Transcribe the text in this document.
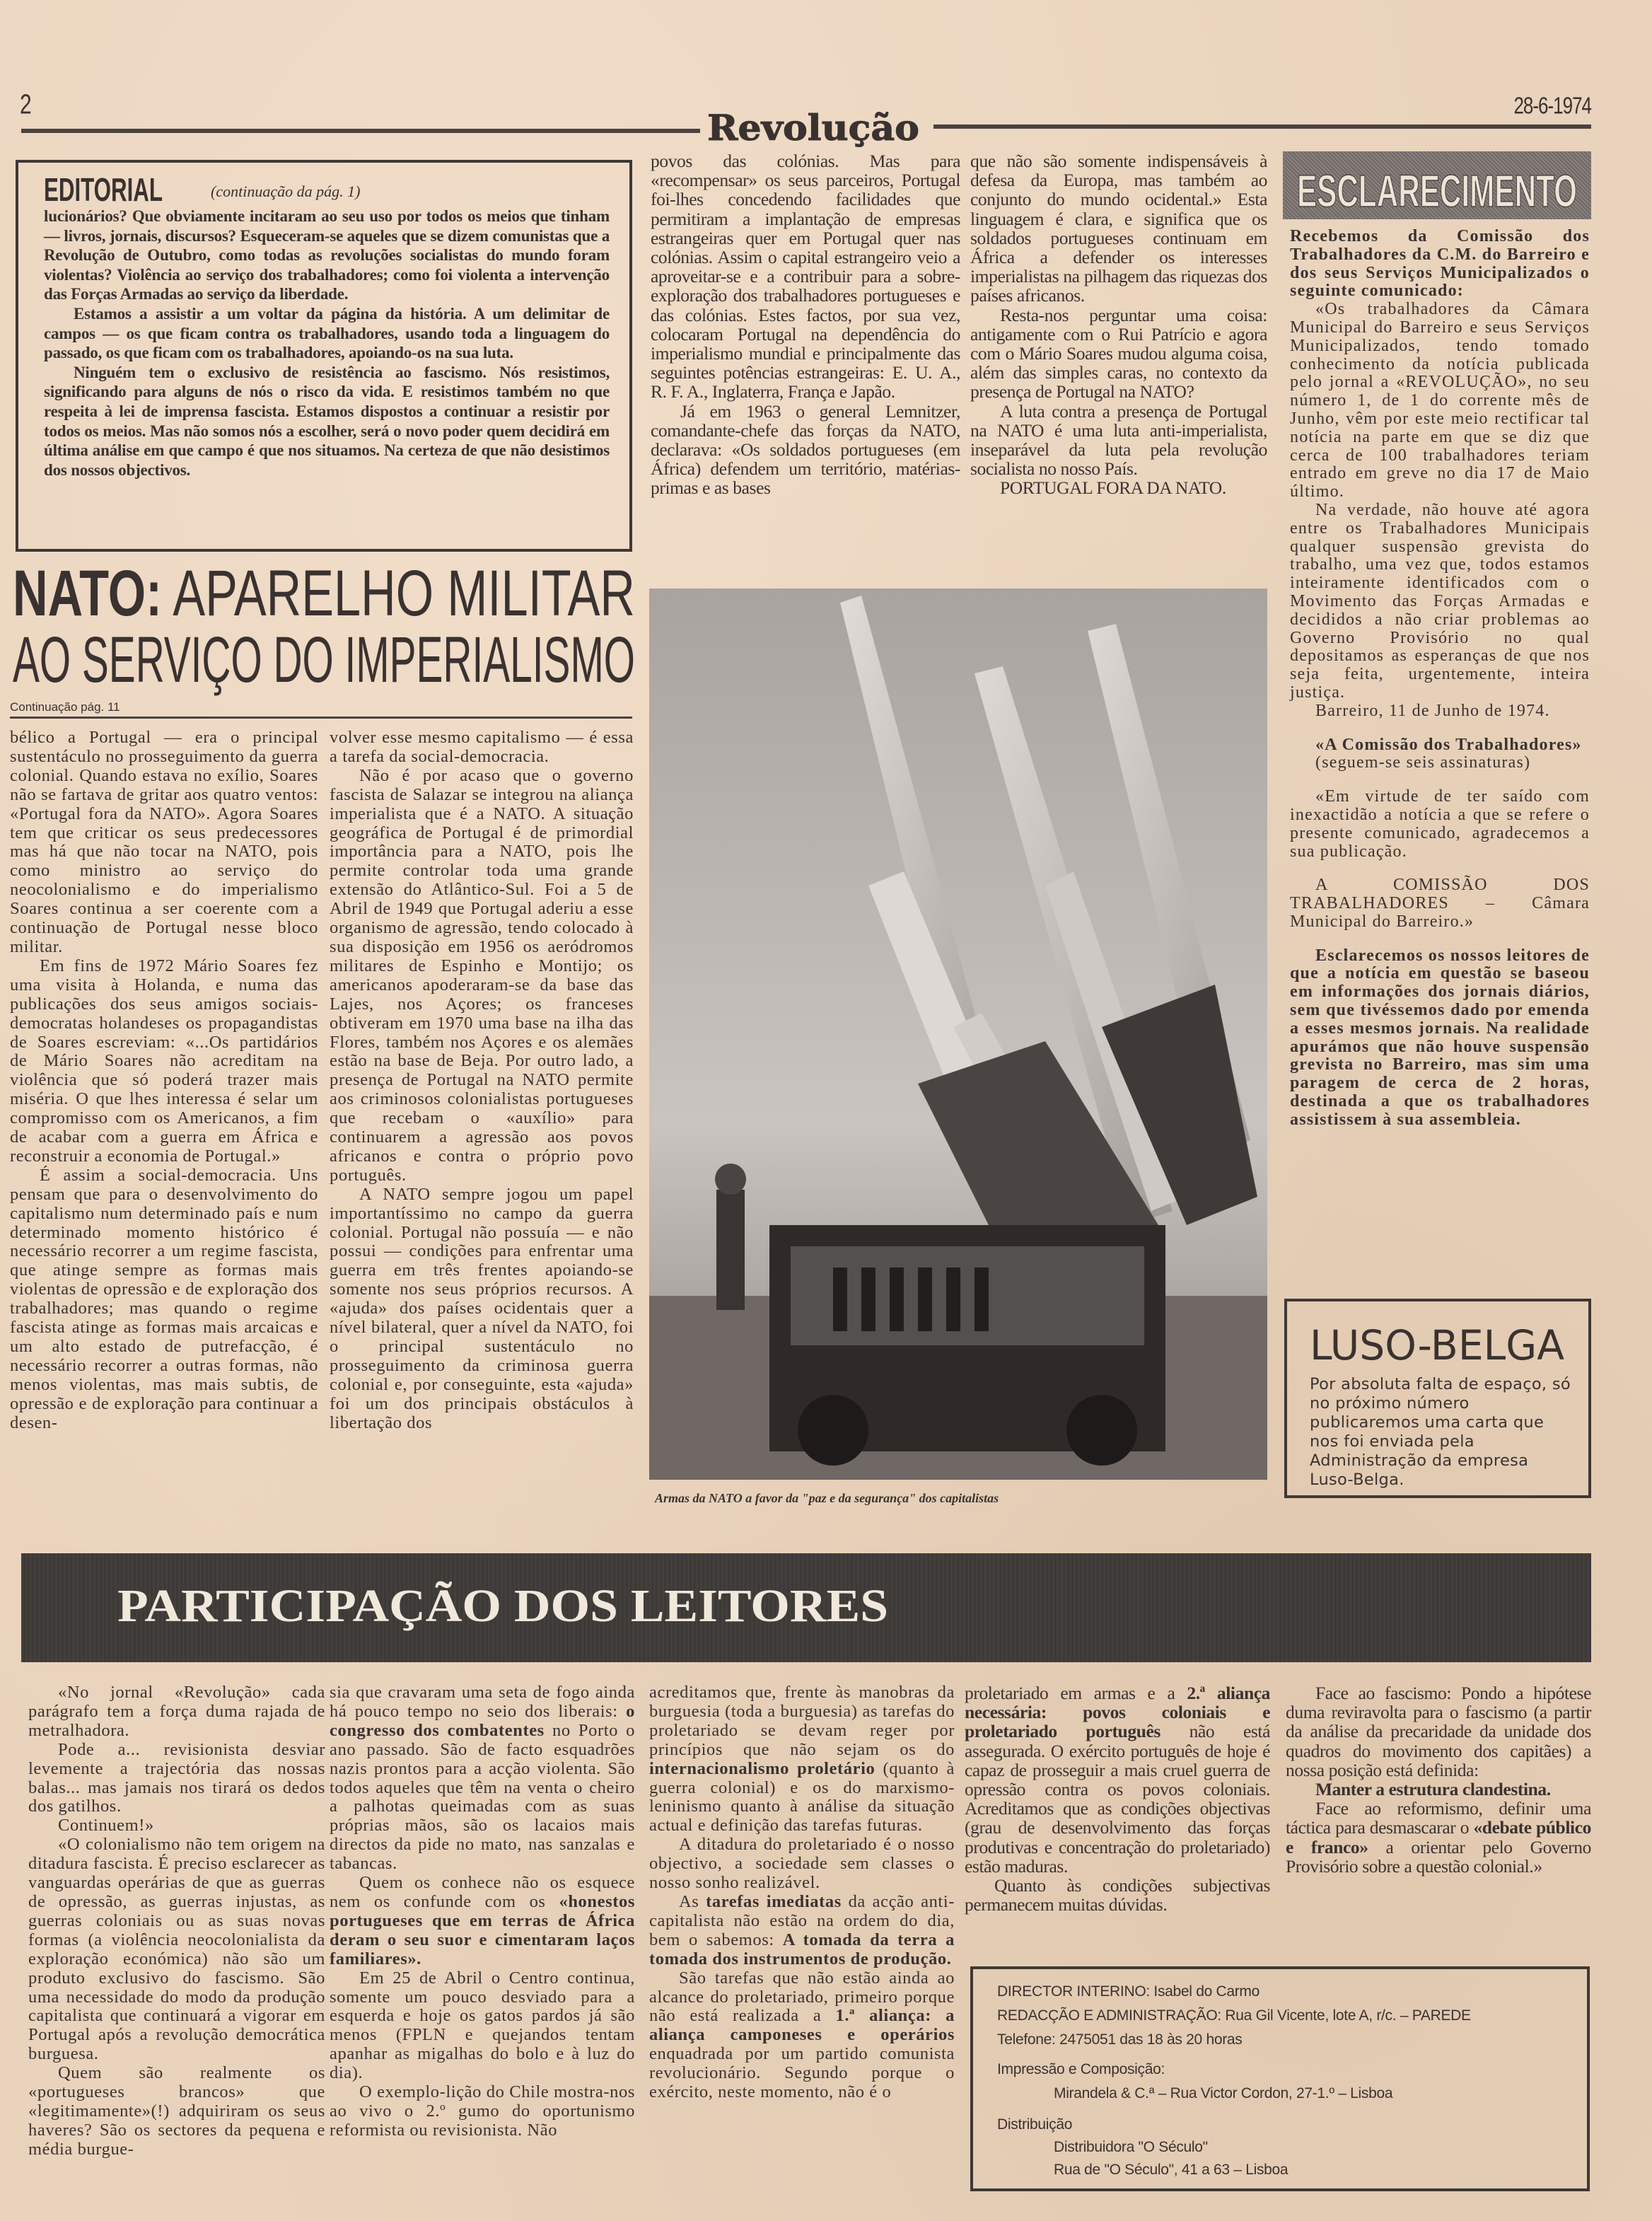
2	28-6-1974
Revolução
EDITORIAL	(continuação da pág. 1)

lucionários? Que obviamente incitaram ao seu uso por todos os meios que tinham — livros, jornais, discursos? Esqueceram-se aqueles que se dizem comunistas que a Revolução de Outubro, como todas as revoluções socialistas do mundo foram violentas? Violência ao serviço dos trabalhadores; como foi violenta a intervenção das Forças Armadas ao serviço da liberdade.

Estamos a assistir a um voltar da página da história. A um delimitar de campos — os que ficam contra os trabalhadores, usando toda a linguagem do passado, os que ficam com os trabalhadores, apoiando-os na sua luta.

Ninguém tem o exclusivo de resistência ao fascismo. Nós resistimos, significando para alguns de nós o risco da vida. E resistimos também no que respeita à lei de imprensa fascista. Estamos dispostos a continuar a resistir por todos os meios. Mas não somos nós a escolher, será o novo poder quem decidirá em última análise em que campo é que nos situamos. Na certeza de que não desistimos dos nossos objectivos.

NATO: APARELHO MILITAR
AO SERVIÇO DO IMPERIALISMO
Continuação pág. 11

bélico a Portugal — era o principal sustentáculo no prosseguimento da guerra colonial. Quando estava no exílio, Soares não se fartava de gritar aos quatro ventos: «Portugal fora da NATO». Agora Soares tem que criticar os seus predecessores mas há que não tocar na NATO, pois como ministro ao serviço do neocolonialismo e do imperialismo Soares continua a ser coerente com a continuação de Portugal nesse bloco militar.

Em fins de 1972 Mário Soares fez uma visita à Holanda, e numa das publicações dos seus amigos sociais-democratas holandeses os propagandistas de Soares escreviam: «...Os partidários de Mário Soares não acreditam na violência que só poderá trazer mais miséria. O que lhes interessa é selar um compromisso com os Americanos, a fim de acabar com a guerra em África e reconstruir a economia de Portugal.»

É assim a social-democracia. Uns pensam que para o desenvolvimento do capitalismo num determinado país e num determinado momento histórico é necessário recorrer a um regime fascista, que atinge sempre as formas mais violentas de opressão e de exploração dos trabalhadores; mas quando o regime fascista atinge as formas mais arcaicas e um alto estado de putrefacção, é necessário recorrer a outras formas, não menos violentas, mas mais subtis, de opressão e de exploração para continuar a desen-

volver esse mesmo capitalismo — é essa a tarefa da social-democracia.

Não é por acaso que o governo fascista de Salazar se integrou na aliança imperialista que é a NATO. A situação geográfica de Portugal é de primordial importância para a NATO, pois lhe permite controlar toda uma grande extensão do Atlântico-Sul. Foi a 5 de Abril de 1949 que Portugal aderiu a esse organismo de agressão, tendo colocado à sua disposição em 1956 os aeródromos militares de Espinho e Montijo; os americanos apoderaram-se da base das Lajes, nos Açores; os franceses obtiveram em 1970 uma base na ilha das Flores, também nos Açores e os alemães estão na base de Beja. Por outro lado, a presença de Portugal na NATO permite aos criminosos colonialistas portugueses que recebam o «auxílio» para continuarem a agressão aos povos africanos e contra o próprio povo português.

A NATO sempre jogou um papel importantíssimo no campo da guerra colonial. Portugal não possuía — e não possui — condições para enfrentar uma guerra em três frentes apoiando-se somente nos seus próprios recursos. A «ajuda» dos países ocidentais quer a nível bilateral, quer a nível da NATO, foi o principal sustentáculo no prosseguimento da criminosa guerra colonial e, por conseguinte, esta «ajuda» foi um dos principais obstáculos à libertação dos

povos das colónias. Mas para «recompensar» os seus parceiros, Portugal foi-lhes concedendo facilidades que permitiram a implantação de empresas estrangeiras quer em Portugal quer nas colónias. Assim o capital estrangeiro veio a aproveitar-se e a contribuir para a sobre-exploração dos trabalhadores portugueses e das colónias. Estes factos, por sua vez, colocaram Portugal na dependência do imperialismo mundial e principalmente das seguintes potências estrangeiras: E. U. A., R. F. A., Inglaterra, França e Japão.

Já em 1963 o general Lemnitzer, comandante-chefe das forças da NATO, declarava: «Os soldados portugueses (em África) defendem um território, matérias-primas e as bases

que não são somente indispensáveis à defesa da Europa, mas também ao conjunto do mundo ocidental.» Esta linguagem é clara, e significa que os soldados portugueses continuam em África a defender os interesses imperialistas na pilhagem das riquezas dos países africanos.

Resta-nos perguntar uma coisa: antigamente com o Rui Patrício e agora com o Mário Soares mudou alguma coisa, além das simples caras, no contexto da presença de Portugal na NATO?

A luta contra a presença de Portugal na NATO é uma luta anti-imperialista, inseparável da luta pela revolução socialista no nosso País.

PORTUGAL FORA DA NATO.

Armas da NATO a favor da "paz e da segurança" dos capitalistas
ESCLARECIMENTO

Recebemos da Comissão dos Trabalhadores da C.M. do Barreiro e dos seus Serviços Municipalizados o seguinte comunicado:

«Os trabalhadores da Câmara Municipal do Barreiro e seus Serviços Municipalizados, tendo tomado conhecimento da notícia publicada pelo jornal a «REVOLUÇÃO», no seu número 1, de 1 do corrente mês de Junho, vêm por este meio rectificar tal notícia na parte em que se diz que cerca de 100 trabalhadores teriam entrado em greve no dia 17 de Maio último.

Na verdade, não houve até agora entre os Trabalhadores Municipais qualquer suspensão grevista do trabalho, uma vez que, todos estamos inteiramente identificados com o Movimento das Forças Armadas e decididos a não criar problemas ao Governo Provisório no qual depositamos as esperanças de que nos seja feita, urgentemente, inteira justiça.

Barreiro, 11 de Junho de 1974.

«A Comissão dos Trabalhadores»

(seguem-se seis assinaturas)

«Em virtude de ter saído com inexactidão a notícia a que se refere o presente comunicado, agradecemos a sua publicação.

A COMISSÃO DOS TRABALHADORES – Câmara Municipal do Barreiro.»

Esclarecemos os nossos leitores de que a notícia em questão se baseou em informações dos jornais diários, sem que tivéssemos dado por emenda a esses mesmos jornais. Na realidade apurámos que não houve suspensão grevista no Barreiro, mas sim uma paragem de cerca de 2 horas, destinada a que os trabalhadores assistissem à sua assembleia.

LUSO-BELGA
Por absoluta falta de espaço, só no próximo número publicaremos uma carta que nos foi enviada pela Administração da empresa Luso-Belga.
PARTICIPAÇÃO DOS LEITORES

«No jornal «Revolução» cada parágrafo tem a força duma rajada de metralhadora.

Pode a... revisionista desviar levemente a trajectória das nossas balas... mas jamais nos tirará os dedos dos gatilhos.

Continuem!»

«O colonialismo não tem origem na ditadura fascista. É preciso esclarecer as vanguardas operárias de que as guerras de opressão, as guerras injustas, as guerras coloniais ou as suas novas formas (a violência neocolonialista da exploração económica) não são um produto exclusivo do fascismo. São uma necessidade do modo da produção capitalista que continuará a vigorar em Portugal após a revolução democrática burguesa.

Quem são realmente os «portugueses brancos» que «legitimamente»(!) adquiriram os seus haveres? São os sectores da pequena e média burgue-

sia que cravaram uma seta de fogo ainda há pouco tempo no seio dos liberais: o congresso dos combatentes no Porto o ano passado. São de facto esquadrões nazis prontos para a acção violenta. São todos aqueles que têm na venta o cheiro a palhotas queimadas com as suas próprias mãos, são os lacaios mais directos da pide no mato, nas sanzalas e tabancas.

Quem os conhece não os esquece nem os confunde com os «honestos portugueses que em terras de África deram o seu suor e cimentaram laços familiares».

Em 25 de Abril o Centro continua, somente um pouco desviado para a esquerda e hoje os gatos pardos já são menos (FPLN e quejandos tentam apanhar as migalhas do bolo e à luz do dia).

O exemplo-lição do Chile mostra-nos ao vivo o 2.º gumo do oportunismo reformista ou revisionista. Não

acreditamos que, frente às manobras da burguesia (toda a burguesia) as tarefas do proletariado se devam reger por princípios que não sejam os do internacionalismo proletário (quanto à guerra colonial) e os do marxismo-leninismo quanto à análise da situação actual e definição das tarefas futuras.

A ditadura do proletariado é o nosso objectivo, a sociedade sem classes o nosso sonho realizável.

As tarefas imediatas da acção anti-capitalista não estão na ordem do dia, bem o sabemos: A tomada da terra a tomada dos instrumentos de produção.

São tarefas que não estão ainda ao alcance do proletariado, primeiro porque não está realizada a 1.ª aliança: a aliança camponeses e operários enquadrada por um partido comunista revolucionário. Segundo porque o exército, neste momento, não é o

proletariado em armas e a 2.ª aliança necessária: povos coloniais e proletariado português não está assegurada. O exército português de hoje é capaz de prosseguir a mais cruel guerra de opressão contra os povos coloniais. Acreditamos que as condições objectivas (grau de desenvolvimento das forças produtivas e concentração do proletariado) estão maduras.

Quanto às condições subjectivas permanecem muitas dúvidas.

Face ao fascismo: Pondo a hipótese duma reviravolta para o fascismo (a partir da análise da precaridade da unidade dos quadros do movimento dos capitães) a nossa posição está definida:

Manter a estrutura clandestina.

Face ao reformismo, definir uma táctica para desmascarar o «debate público e franco» a orientar pelo Governo Provisório sobre a questão colonial.»

DIRECTOR INTERINO: Isabel do Carmo
REDACÇÃO E ADMINISTRAÇÃO: Rua Gil Vicente, lote A, r/c. – PAREDE
Telefone: 2475051 das 18 às 20 horas
Impressão e Composição:
Mirandela & C.ª – Rua Victor Cordon, 27-1.º – Lisboa
Distribuição
Distribuidora "O Século"
Rua de "O Século", 41 a 63 – Lisboa
